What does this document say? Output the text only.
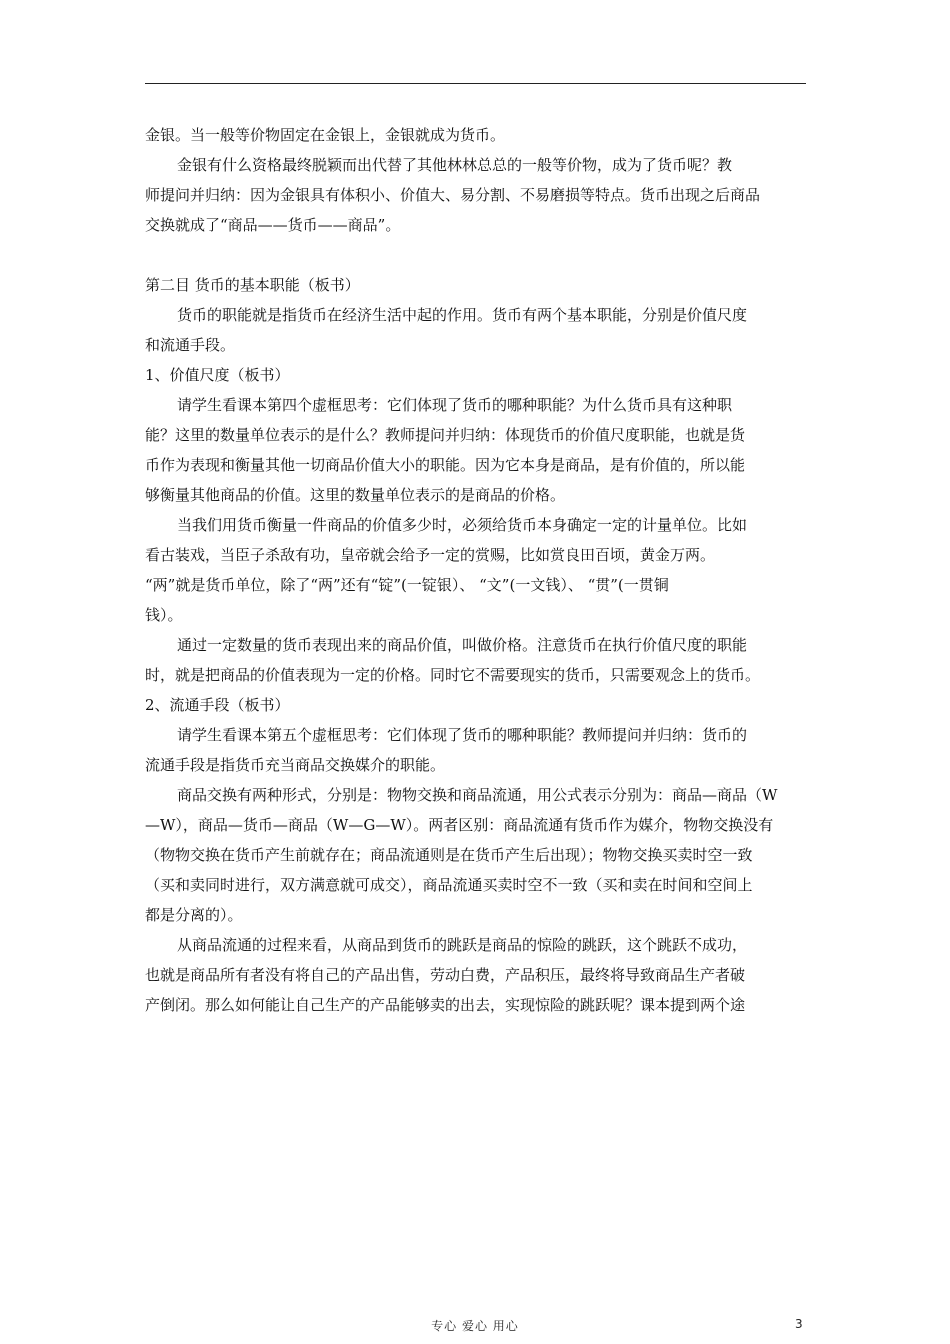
金银。当一般等价物固定在金银上，金银就成为货币。
金银有什么资格最终脱颖而出代替了其他林林总总的一般等价物，成为了货币呢？教
师提问并归纳：因为金银具有体积小、价值大、易分割、不易磨损等特点。货币出现之后商品
交换就成了“商品——货币——商品”。
第二目 货币的基本职能（板书）
货币的职能就是指货币在经济生活中起的作用。货币有两个基本职能，分别是价值尺度
和流通手段。
1、价值尺度（板书）
请学生看课本第四个虚框思考：它们体现了货币的哪种职能？为什么货币具有这种职
能？这里的数量单位表示的是什么？教师提问并归纳：体现货币的价值尺度职能，也就是货
币作为表现和衡量其他一切商品价值大小的职能。因为它本身是商品，是有价值的，所以能
够衡量其他商品的价值。这里的数量单位表示的是商品的价格。
当我们用货币衡量一件商品的价值多少时，必须给货币本身确定一定的计量单位。比如
看古装戏，当臣子杀敌有功，皇帝就会给予一定的赏赐，比如赏良田百顷，黄金万两。
“两”就是货币单位，除了“两”还有“锭”(一锭银）、 “文”(一文钱）、 “贯”(一贯铜
钱）。
通过一定数量的货币表现出来的商品价值，叫做价格。注意货币在执行价值尺度的职能
时，就是把商品的价值表现为一定的价格。同时它不需要现实的货币，只需要观念上的货币。
2、流通手段（板书）
请学生看课本第五个虚框思考：它们体现了货币的哪种职能？教师提问并归纳：货币的
流通手段是指货币充当商品交换媒介的职能。
商品交换有两种形式，分别是：物物交换和商品流通，用公式表示分别为：商品—商品（W
—W），商品—货币—商品（W—G—W）。两者区别：商品流通有货币作为媒介，物物交换没有
（物物交换在货币产生前就存在；商品流通则是在货币产生后出现）；物物交换买卖时空一致
（买和卖同时进行，双方满意就可成交），商品流通买卖时空不一致（买和卖在时间和空间上
都是分离的）。
从商品流通的过程来看，从商品到货币的跳跃是商品的惊险的跳跃，这个跳跃不成功，
也就是商品所有者没有将自己的产品出售，劳动白费，产品积压，最终将导致商品生产者破
产倒闭。那么如何能让自己生产的产品能够卖的出去，实现惊险的跳跃呢？课本提到两个途
专心 爱心 用心	3
